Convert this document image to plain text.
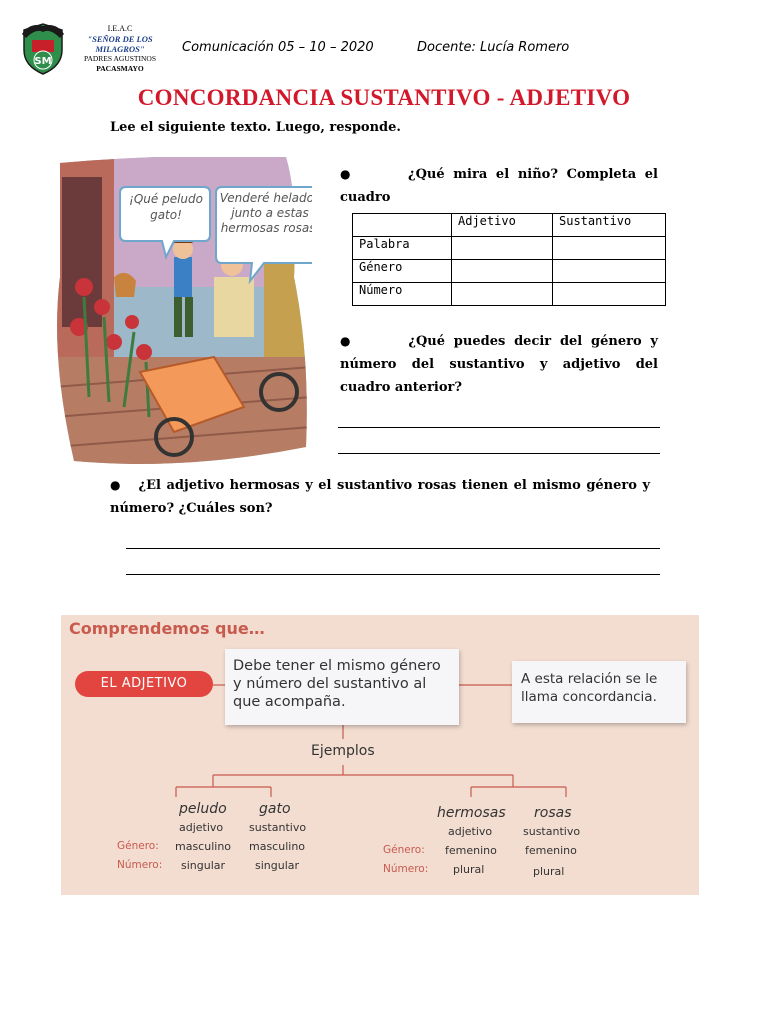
SM
I.E.A.C
"SEÑOR DE LOS MILAGROS"
PADRES AGUSTINOS
PACASMAYO
Comunicación 05 – 10 – 2020	Docente: Lucía Romero
CONCORDANCIA SUSTANTIVO - ADJETIVO
Lee el siguiente texto. Luego, responde.
¡Qué peludo gato!
Venderé helados junto a estas hermosas rosas.
●	¿Qué mira el niño? Completa el cuadro
	Adjetivo	Sustantivo
Palabra		
Género		
Número		
●	¿Qué puedes decir del género y número del sustantivo y adjetivo del cuadro anterior?
● ¿El adjetivo hermosas y el sustantivo rosas tienen el mismo género y número? ¿Cuáles son?
Comprendemos que…
EL ADJETIVO
Debe tener el mismo género y número del sustantivo al que acompaña.
A esta relación se le llama concordancia.
Ejemplos
peludo gato
adjetivo sustantivo
Género: masculino masculino
Número: singular	singular
hermosas rosas
adjetivo	sustantivo
Género: femenino	femenino
Número: plural	plural
